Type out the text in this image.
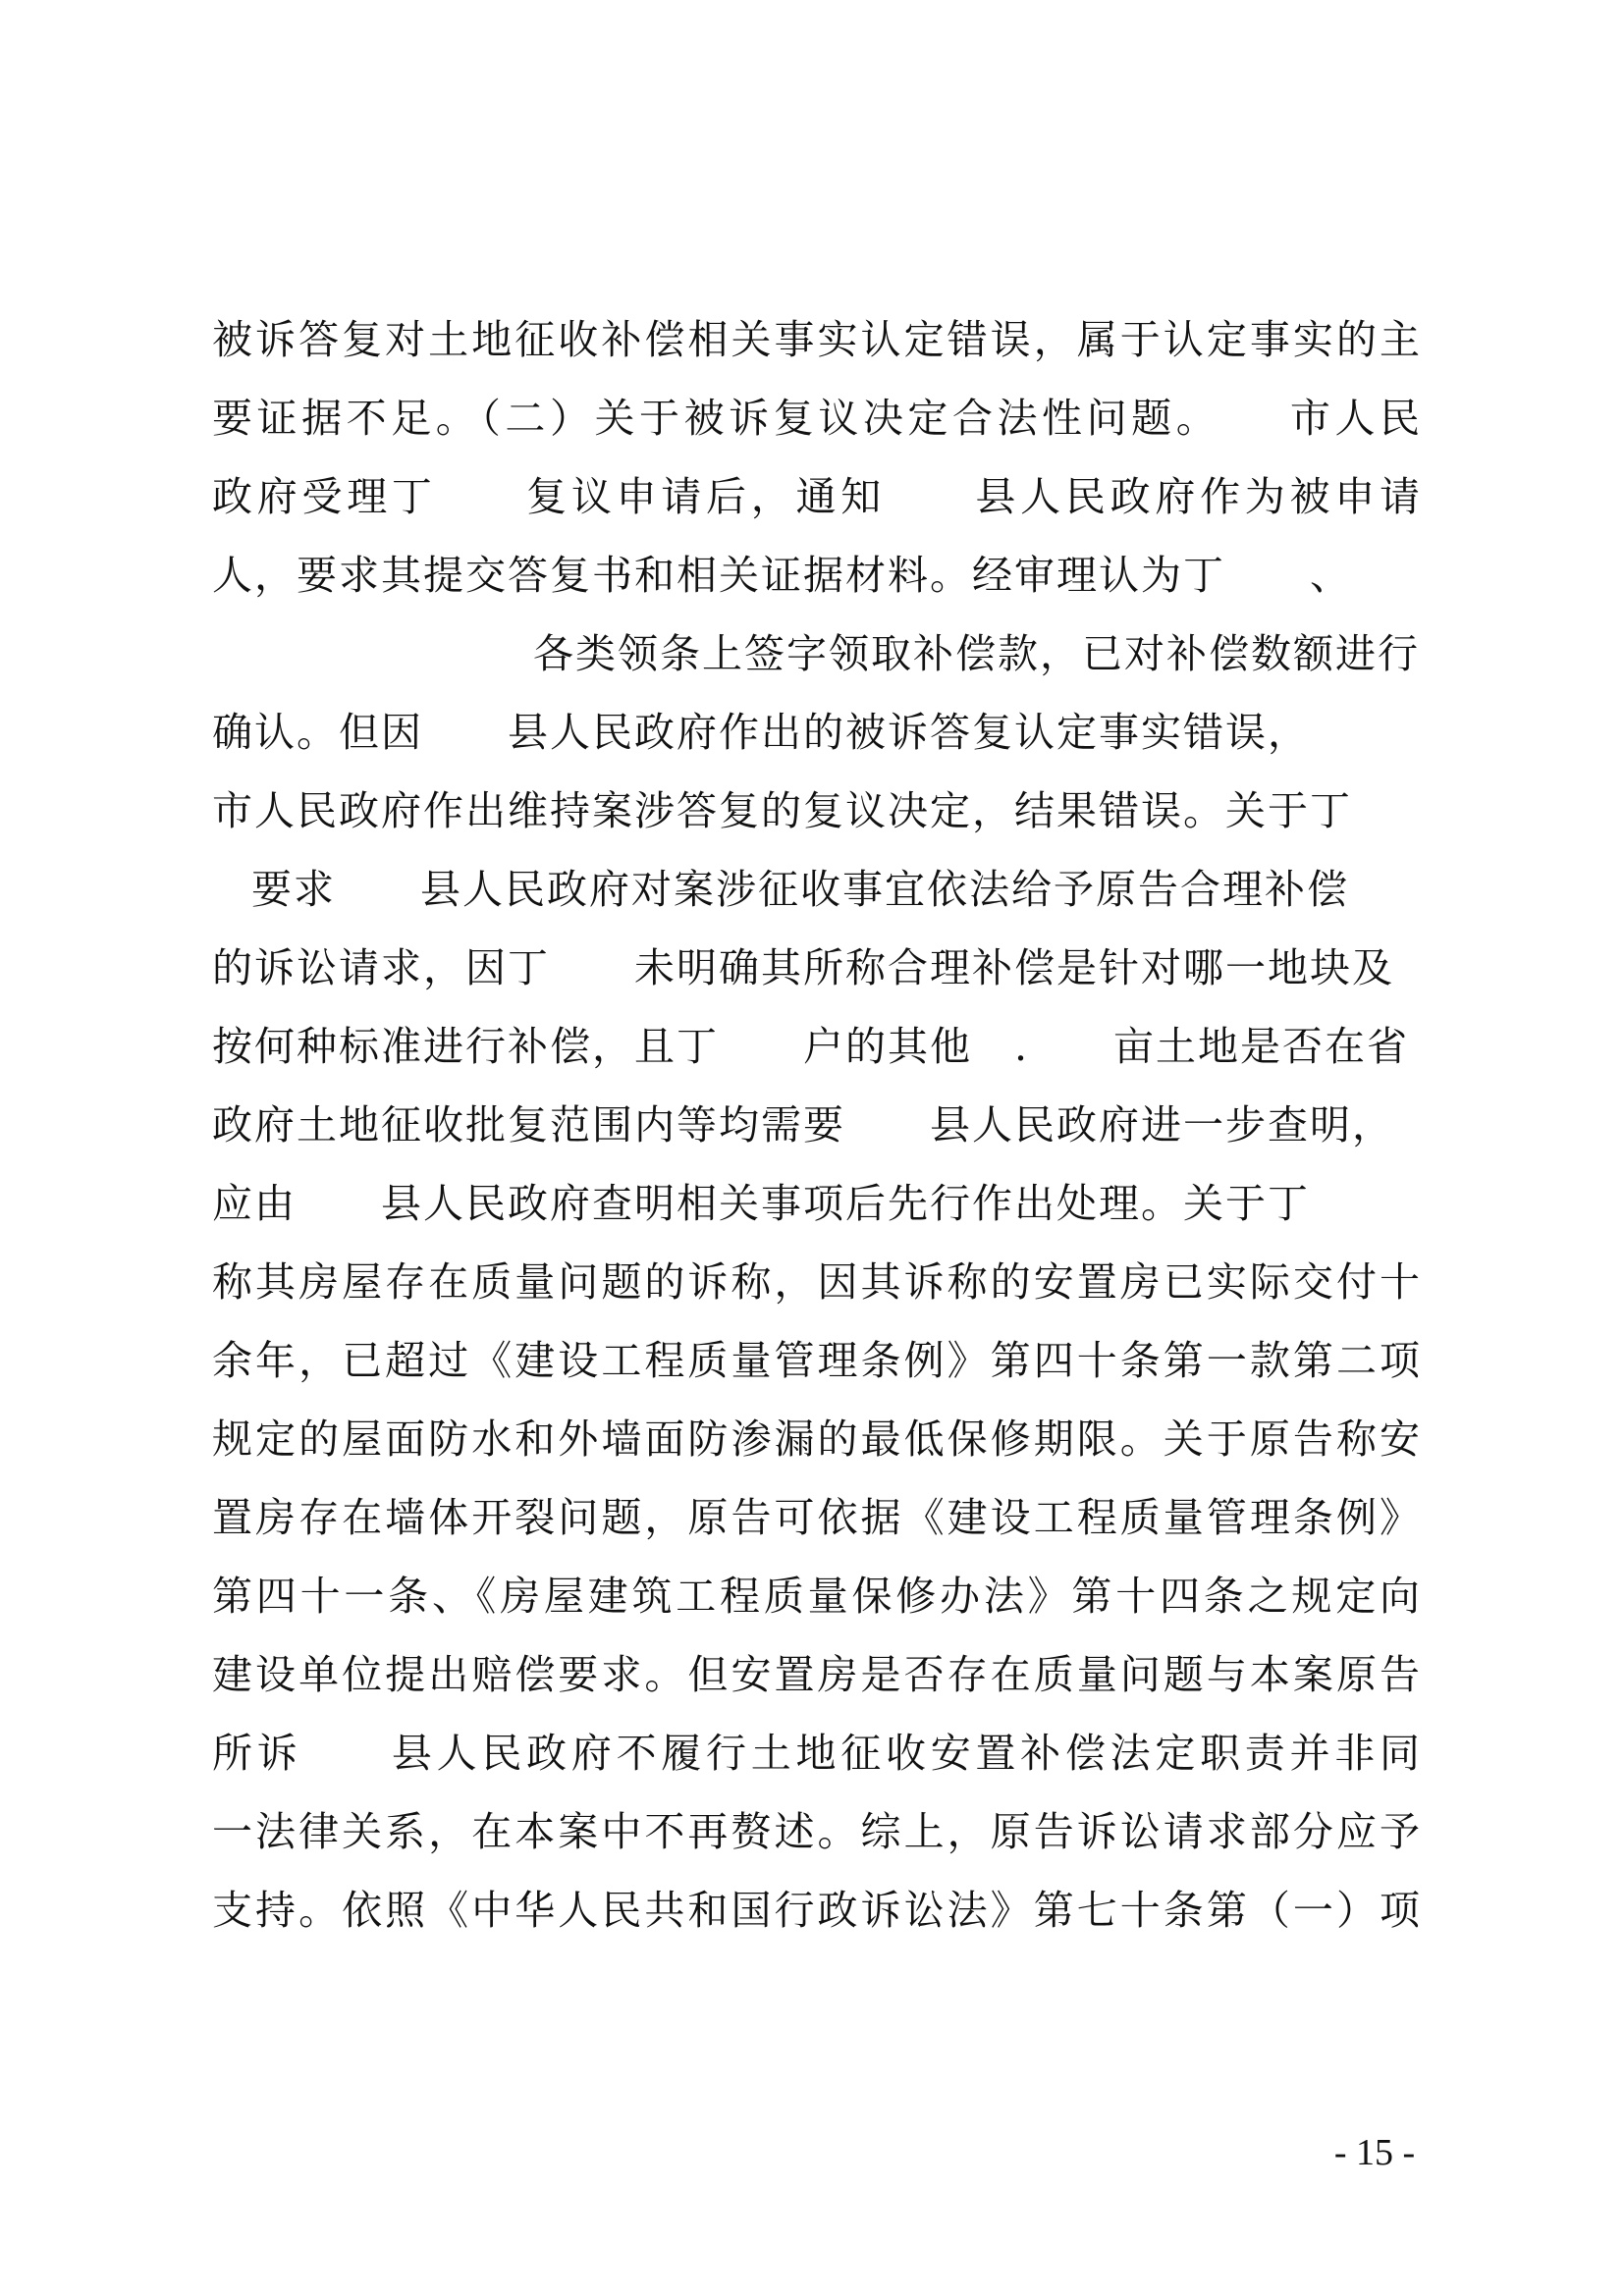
被诉答复对土地征收补偿相关事实认定错误，属于认定事实的主
要证据不足。（二）关于被诉复议决定合法性问题。　　市人民
政府受理丁　　复议申请后，通知　　县人民政府作为被申请
人，要求其提交答复书和相关证据材料。经审理认为丁　　、
　　　　　　　各类领条上签字领取补偿款，已对补偿数额进行
确认。但因　　县人民政府作出的被诉答复认定事实错误，
市人民政府作出维持案涉答复的复议决定，结果错误。关于丁
要求　　县人民政府对案涉征收事宜依法给予原告合理补偿
的诉讼请求，因丁　　未明确其所称合理补偿是针对哪一地块及
按何种标准进行补偿，且丁　　户的其他　.　　亩土地是否在省
政府土地征收批复范围内等均需要　　县人民政府进一步查明，
应由　　县人民政府查明相关事项后先行作出处理。关于丁
称其房屋存在质量问题的诉称，因其诉称的安置房已实际交付十
余年，已超过《建设工程质量管理条例》第四十条第一款第二项
规定的屋面防水和外墙面防渗漏的最低保修期限。关于原告称安
置房存在墙体开裂问题，原告可依据《建设工程质量管理条例》
第四十一条、《房屋建筑工程质量保修办法》第十四条之规定向
建设单位提出赔偿要求。但安置房是否存在质量问题与本案原告
所诉　　县人民政府不履行土地征收安置补偿法定职责并非同
一法律关系，在本案中不再赘述。综上，原告诉讼请求部分应予
支持。依照《中华人民共和国行政诉讼法》第七十条第（一）项
- 15 -
